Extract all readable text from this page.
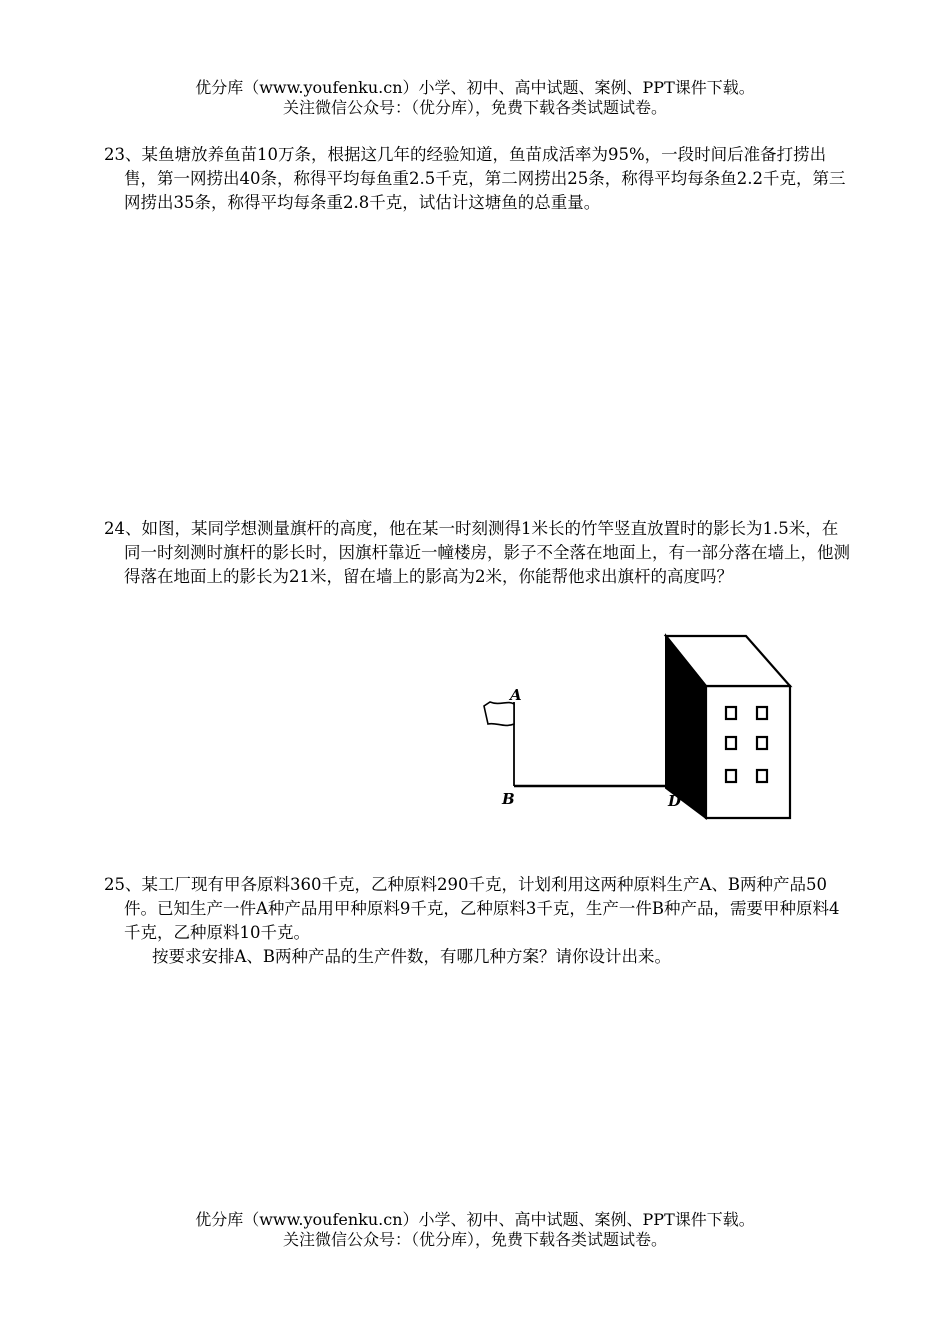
优分库（www.youfenku.cn）小学、初中、高中试题、案例、PPT课件下载。
关注微信公众号：（优分库），免费下载各类试题试卷。

23、某鱼塘放养鱼苗10万条，根据这几年的经验知道，鱼苗成活率为95%，一段时间后准备打捞出售，第一网捞出40条，称得平均每鱼重2.5千克，第二网捞出25条，称得平均每条鱼2.2千克，第三网捞出35条，称得平均每条重2.8千克，试估计这塘鱼的总重量。

24、如图，某同学想测量旗杆的高度，他在某一时刻测得1米长的竹竿竖直放置时的影长为1.5米，在同一时刻测时旗杆的影长时，因旗杆靠近一幢楼房，影子不全落在地面上，有一部分落在墙上，他测得落在地面上的影长为21米，留在墙上的影高为2米，你能帮他求出旗杆的高度吗？

A
B	D

25、某工厂现有甲各原料360千克，乙种原料290千克，计划利用这两种原料生产A、B两种产品50件。已知生产一件A种产品用甲种原料9千克，乙种原料3千克，生产一件B种产品，需要甲种原料4千克，乙种原料10千克。

按要求安排A、B两种产品的生产件数，有哪几种方案？请你设计出来。

优分库（www.youfenku.cn）小学、初中、高中试题、案例、PPT课件下载。
关注微信公众号：（优分库），免费下载各类试题试卷。
